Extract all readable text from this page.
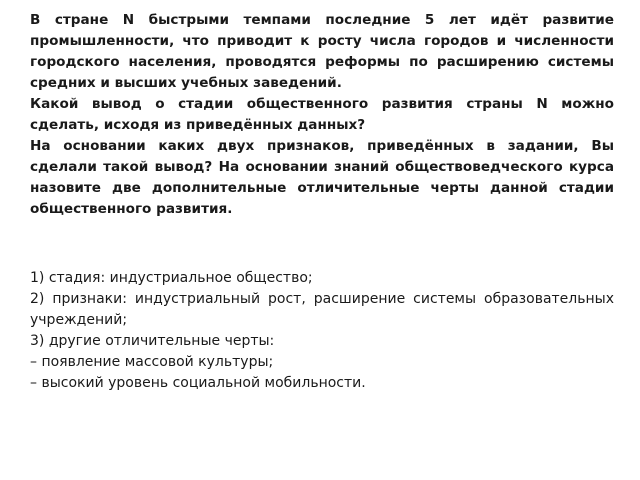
В стране N быстрыми темпами последние 5 лет идёт развитие промышленности, что приводит к росту числа городов и численности городского населения, проводятся реформы по расширению системы средних и высших учебных заведений.

Какой вывод о стадии общественного развития страны N можно сделать, исходя из приведённых данных?

На основании каких двух признаков, приведённых в задании, Вы сделали такой вывод? На основании знаний обществоведческого курса назовите две дополнительные отличительные черты данной стадии общественного развития.

1) стадия: индустриальное общество;

2) признаки: индустриальный рост, расширение системы образовательных учреждений;

3) другие отличительные черты:

– появление массовой культуры;

– высокий уровень социальной мобильности.
